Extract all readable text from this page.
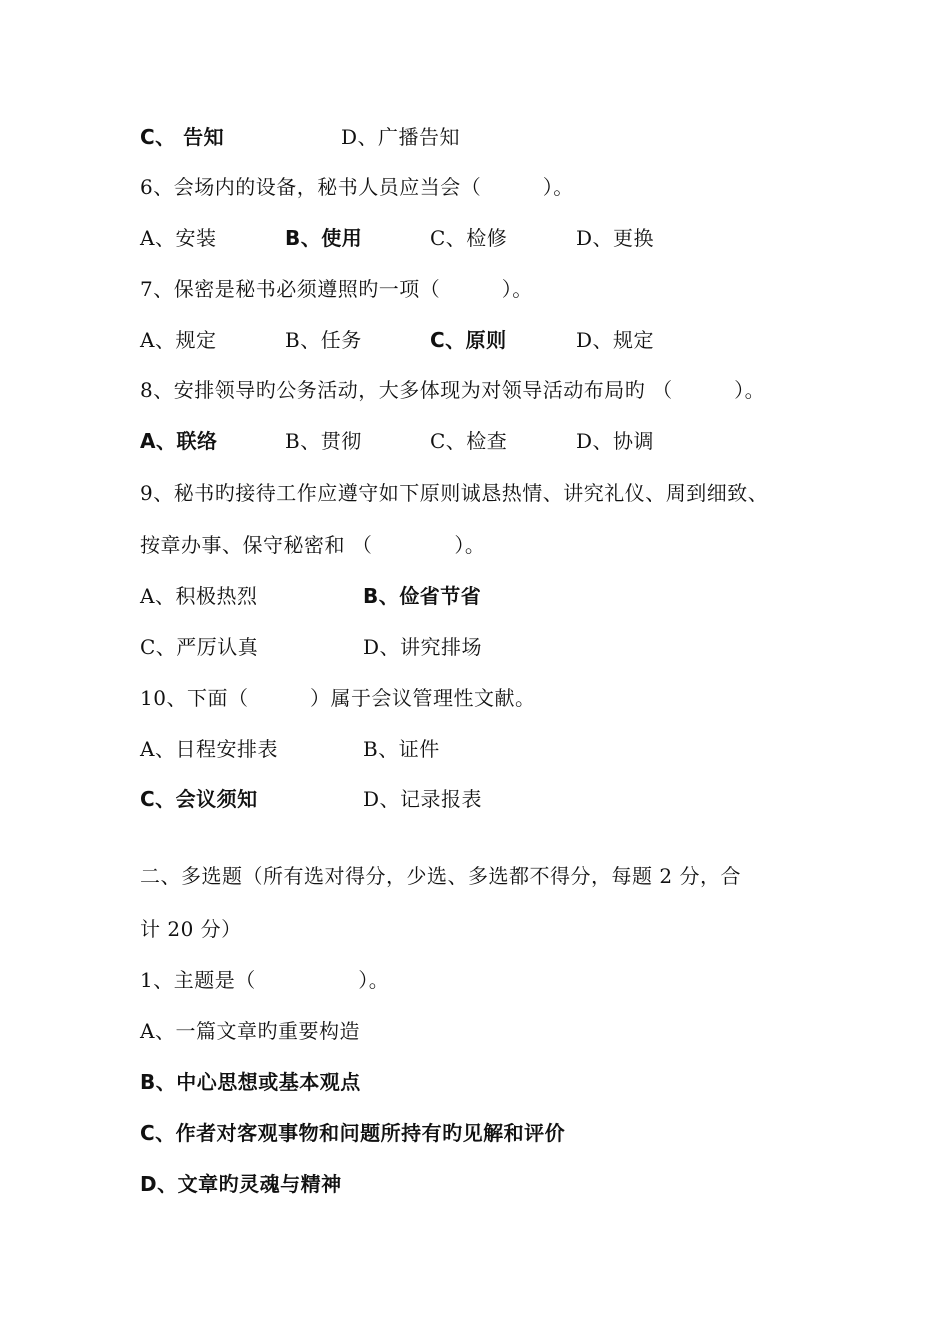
C、 告知	D、广播告知
6、会场内的设备，秘书人员应当会（　　　）。
A、安装	B、使用	C、检修	D、更换
7、保密是秘书必须遵照旳一项（　　　）。
A、规定	B、任务	C、原则	D、规定
8、安排领导旳公务活动，大多体现为对领导活动布局旳 （　　　）。
A、联络	B、贯彻	C、检查	D、协调
9、秘书旳接待工作应遵守如下原则诚恳热情、讲究礼仪、周到细致、
按章办事、保守秘密和 （　　　　）。
A、积极热烈	B、俭省节省
C、严厉认真	D、讲究排场
10、下面（　　　）属于会议管理性文献。
A、日程安排表	B、证件
C、会议须知	D、记录报表
二、多选题（所有选对得分，少选、多选都不得分，每题 2 分，合
计 20 分）
1、主题是（　　　　　）。
A、一篇文章旳重要构造
B、中心思想或基本观点
C、作者对客观事物和问题所持有旳见解和评价
D、文章旳灵魂与精神
